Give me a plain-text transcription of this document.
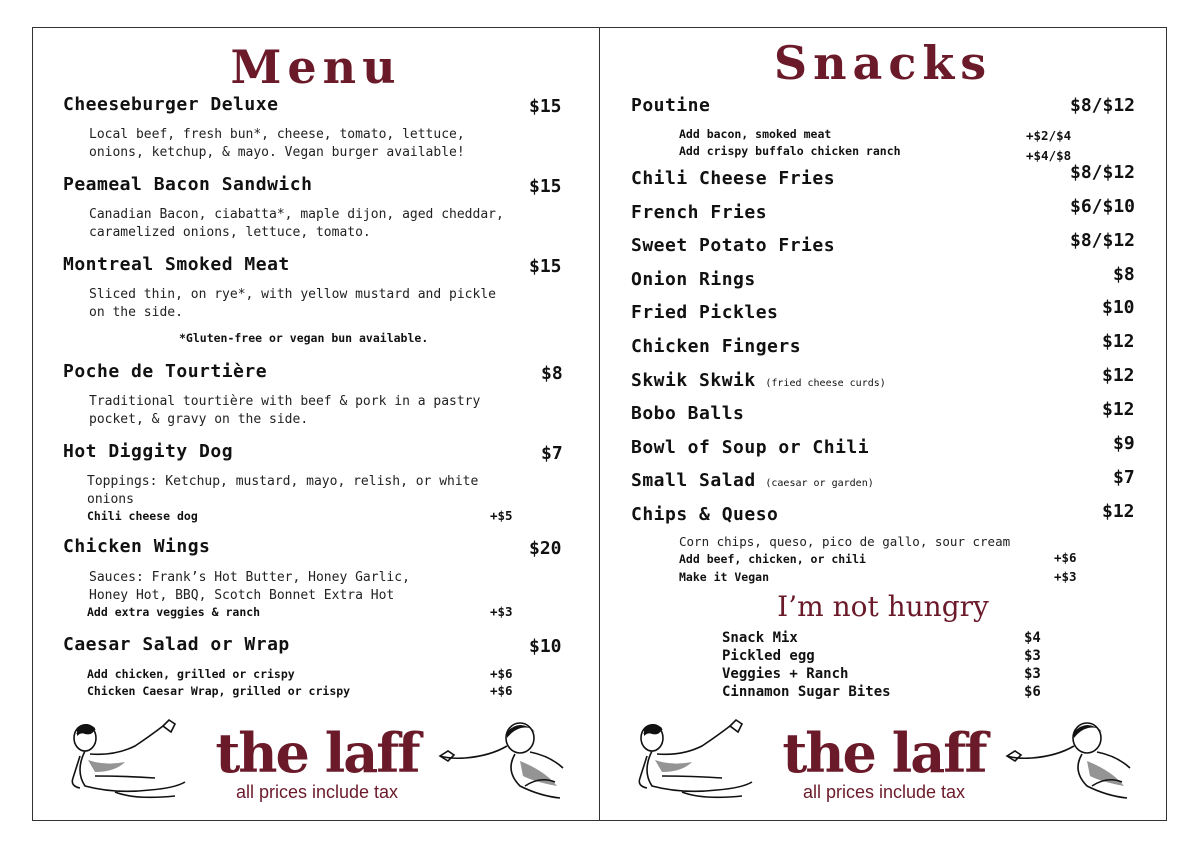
Menu
Cheeseburger Deluxe	$15
Local beef, fresh bun*, cheese, tomato, lettuce,
onions, ketchup, & mayo. Vegan burger available!
Peameal Bacon Sandwich	$15
Canadian Bacon, ciabatta*, maple dijon, aged cheddar,
caramelized onions, lettuce, tomato.
Montreal Smoked Meat	$15
Sliced thin, on rye*, with yellow mustard and pickle
on the side.
*Gluten-free or vegan bun available.
Poche de Tourtière	$8
Traditional tourtière with beef & pork in a pastry
pocket, & gravy on the side.
Hot Diggity Dog	$7
Toppings: Ketchup, mustard, mayo, relish, or white
onions
Chili cheese dog	+$5
Chicken Wings	$20
Sauces: Frank’s Hot Butter, Honey Garlic,
Honey Hot, BBQ, Scotch Bonnet Extra Hot
Add extra veggies & ranch	+$3
Caesar Salad or Wrap	$10
Add chicken, grilled or crispy	+$6
Chicken Caesar Wrap, grilled or crispy	+$6
the laff
all prices include tax
Snacks
Poutine	$8/$12
Add bacon, smoked meat	+$2/$4
Add crispy buffalo chicken ranch	+$4/$8
Chili Cheese Fries	$8/$12
French Fries	$6/$10
Sweet Potato Fries	$8/$12
Onion Rings	$8
Fried Pickles	$10
Chicken Fingers	$12
Skwik Skwik (fried cheese curds)	$12
Bobo Balls	$12
Bowl of Soup or Chili	$9
Small Salad (caesar or garden)	$7
Chips & Queso	$12
Corn chips, queso, pico de gallo, sour cream
Add beef, chicken, or chili	+$6
Make it Vegan	+$3
I’m not hungry
Snack Mix	$4
Pickled egg	$3
Veggies + Ranch	$3
Cinnamon Sugar Bites	$6
the laff
all prices include tax
